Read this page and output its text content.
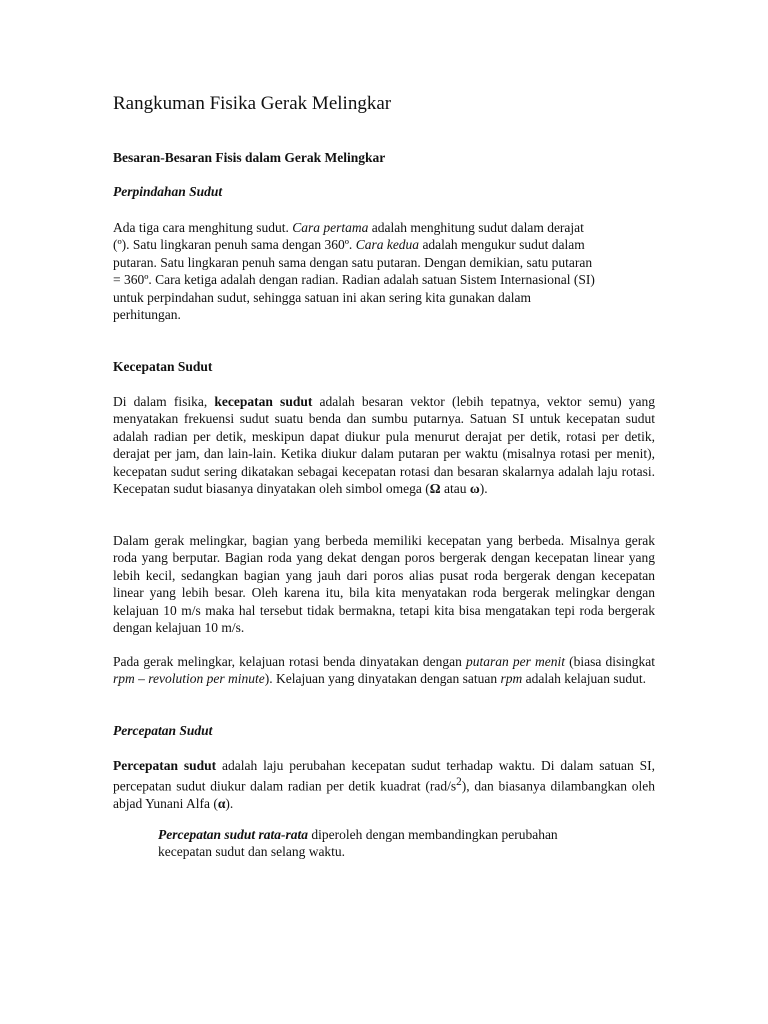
Rangkuman Fisika Gerak Melingkar
Besaran-Besaran Fisis dalam Gerak Melingkar
Perpindahan Sudut
Ada tiga cara menghitung sudut. Cara pertama adalah menghitung sudut dalam derajat
(º). Satu lingkaran penuh sama dengan 360º. Cara kedua adalah mengukur sudut dalam
putaran. Satu lingkaran penuh sama dengan satu putaran. Dengan demikian, satu putaran
= 360º. Cara ketiga adalah dengan radian. Radian adalah satuan Sistem Internasional (SI)
untuk perpindahan sudut, sehingga satuan ini akan sering kita gunakan dalam
perhitungan.
Kecepatan Sudut

Di dalam fisika, kecepatan sudut adalah besaran vektor (lebih tepatnya, vektor semu) yang menyatakan frekuensi sudut suatu benda dan sumbu putarnya. Satuan SI untuk kecepatan sudut adalah radian per detik, meskipun dapat diukur pula menurut derajat per detik, rotasi per detik, derajat per jam, dan lain-lain. Ketika diukur dalam putaran per waktu (misalnya rotasi per menit), kecepatan sudut sering dikatakan sebagai kecepatan rotasi dan besaran skalarnya adalah laju rotasi. Kecepatan sudut biasanya dinyatakan oleh simbol omega (Ω atau ω).

Dalam gerak melingkar, bagian yang berbeda memiliki kecepatan yang berbeda. Misalnya gerak roda yang berputar. Bagian roda yang dekat dengan poros bergerak dengan kecepatan linear yang lebih kecil, sedangkan bagian yang jauh dari poros alias pusat roda bergerak dengan kecepatan linear yang lebih besar. Oleh karena itu, bila kita menyatakan roda bergerak melingkar dengan kelajuan 10 m/s maka hal tersebut tidak bermakna, tetapi kita bisa mengatakan tepi roda bergerak dengan kelajuan 10 m/s.

Pada gerak melingkar, kelajuan rotasi benda dinyatakan dengan putaran per menit (biasa disingkat rpm – revolution per minute). Kelajuan yang dinyatakan dengan satuan rpm adalah kelajuan sudut.

Percepatan Sudut

Percepatan sudut adalah laju perubahan kecepatan sudut terhadap waktu. Di dalam satuan SI, percepatan sudut diukur dalam radian per detik kuadrat $(rad/s^2)$, dan biasanya dilambangkan oleh abjad Yunani Alfa (α).

Percepatan sudut rata-rata diperoleh dengan membandingkan perubahan
kecepatan sudut dan selang waktu.
